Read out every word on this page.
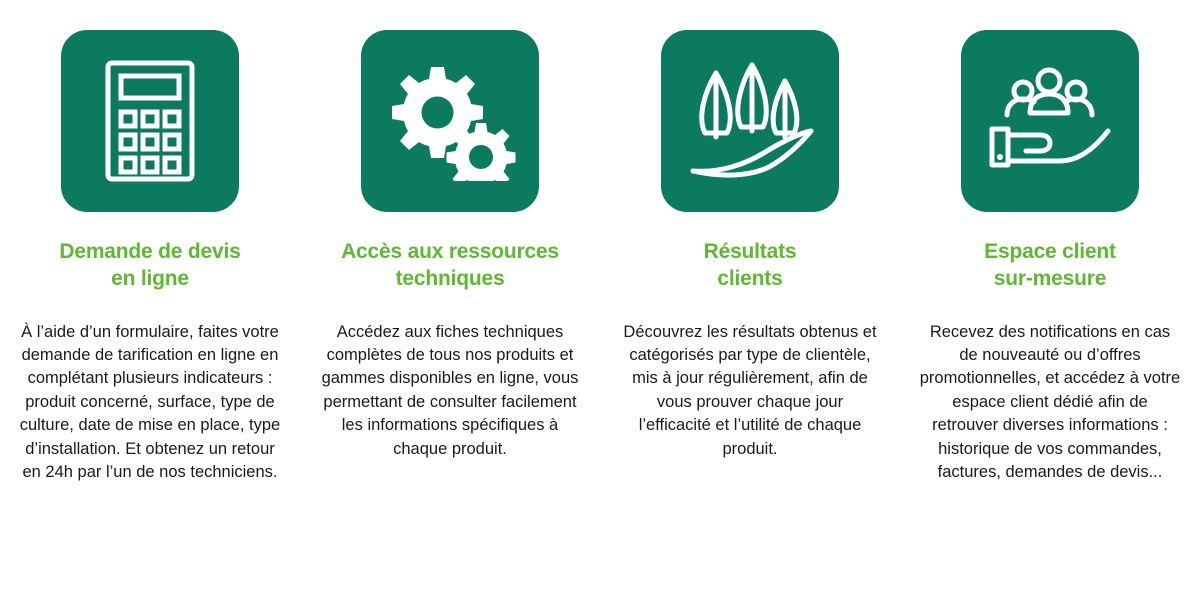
Demande de devis
en ligne

À l’aide d’un formulaire, faites votre demande de tarification en ligne en complétant plusieurs indicateurs : produit concerné, surface, type de culture, date de mise en place, type d’installation. Et obtenez un retour en 24h par l’un de nos techniciens.

Accès aux ressources
techniques

Accédez aux fiches techniques complètes de tous nos produits et gammes disponibles en ligne, vous permettant de consulter facilement les informations spécifiques à chaque produit.

Résultats
clients

Découvrez les résultats obtenus et catégorisés par type de clientèle, mis à jour régulièrement, afin de vous prouver chaque jour l’efficacité et l’utilité de chaque produit.

Espace client
sur-mesure

Recevez des notifications en cas de nouveauté ou d’offres promotionnelles, et accédez à votre espace client dédié afin de retrouver diverses informations : historique de vos commandes, factures, demandes de devis...
